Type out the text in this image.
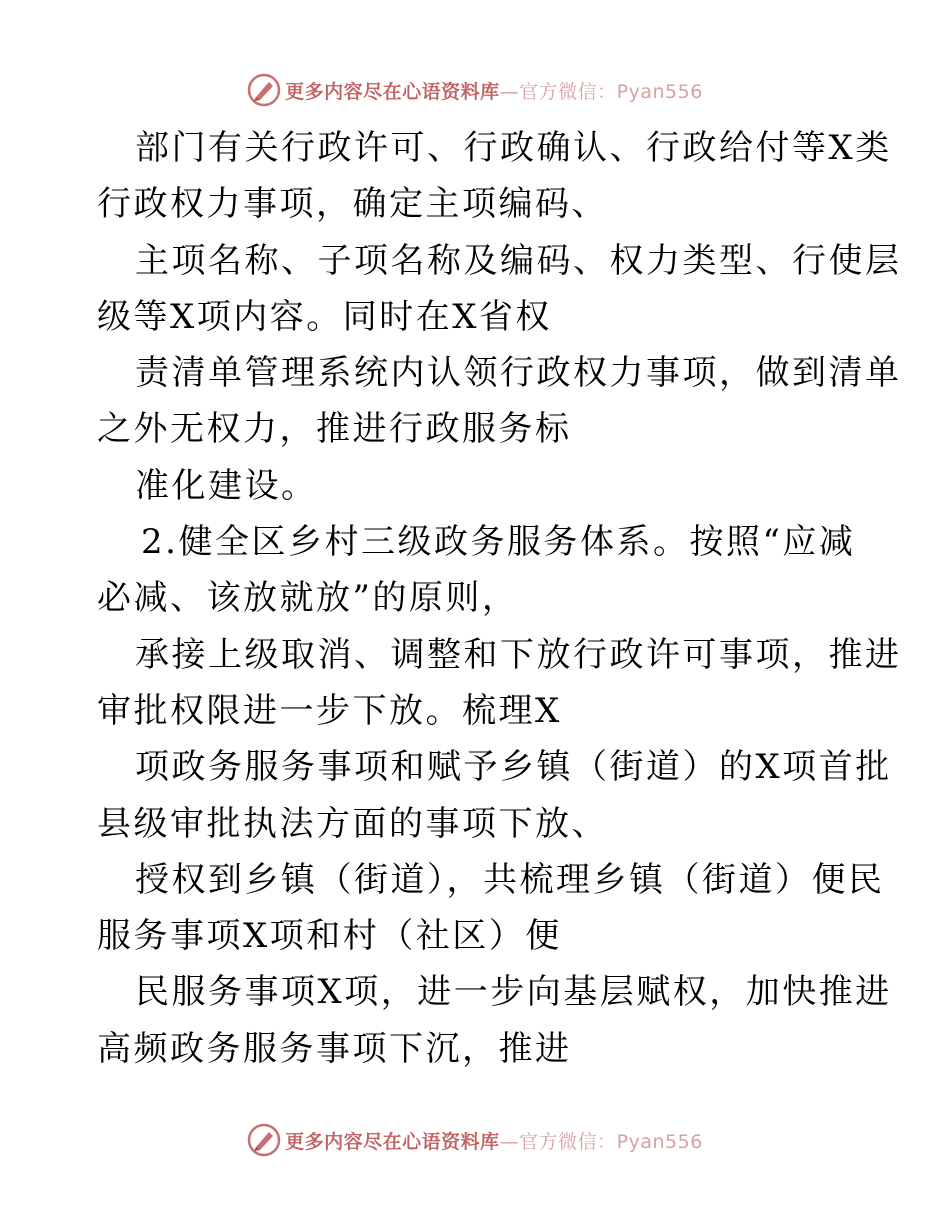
更多内容尽在心语资料库—官方微信：Pyan556
部门有关行政许可、行政确认、行政给付等X类
行政权力事项，确定主项编码、
主项名称、子项名称及编码、权力类型、行使层
级等X项内容。同时在X省权
责清单管理系统内认领行政权力事项，做到清单
之外无权力，推进行政服务标
准化建设。
2.健全区乡村三级政务服务体系。按照“应减
必减、该放就放”的原则，
承接上级取消、调整和下放行政许可事项，推进
审批权限进一步下放。梳理X
项政务服务事项和赋予乡镇（街道）的X项首批
县级审批执法方面的事项下放、
授权到乡镇（街道），共梳理乡镇（街道）便民
服务事项X项和村（社区）便
民服务事项X项，进一步向基层赋权，加快推进
高频政务服务事项下沉，推进
更多内容尽在心语资料库—官方微信：Pyan556
